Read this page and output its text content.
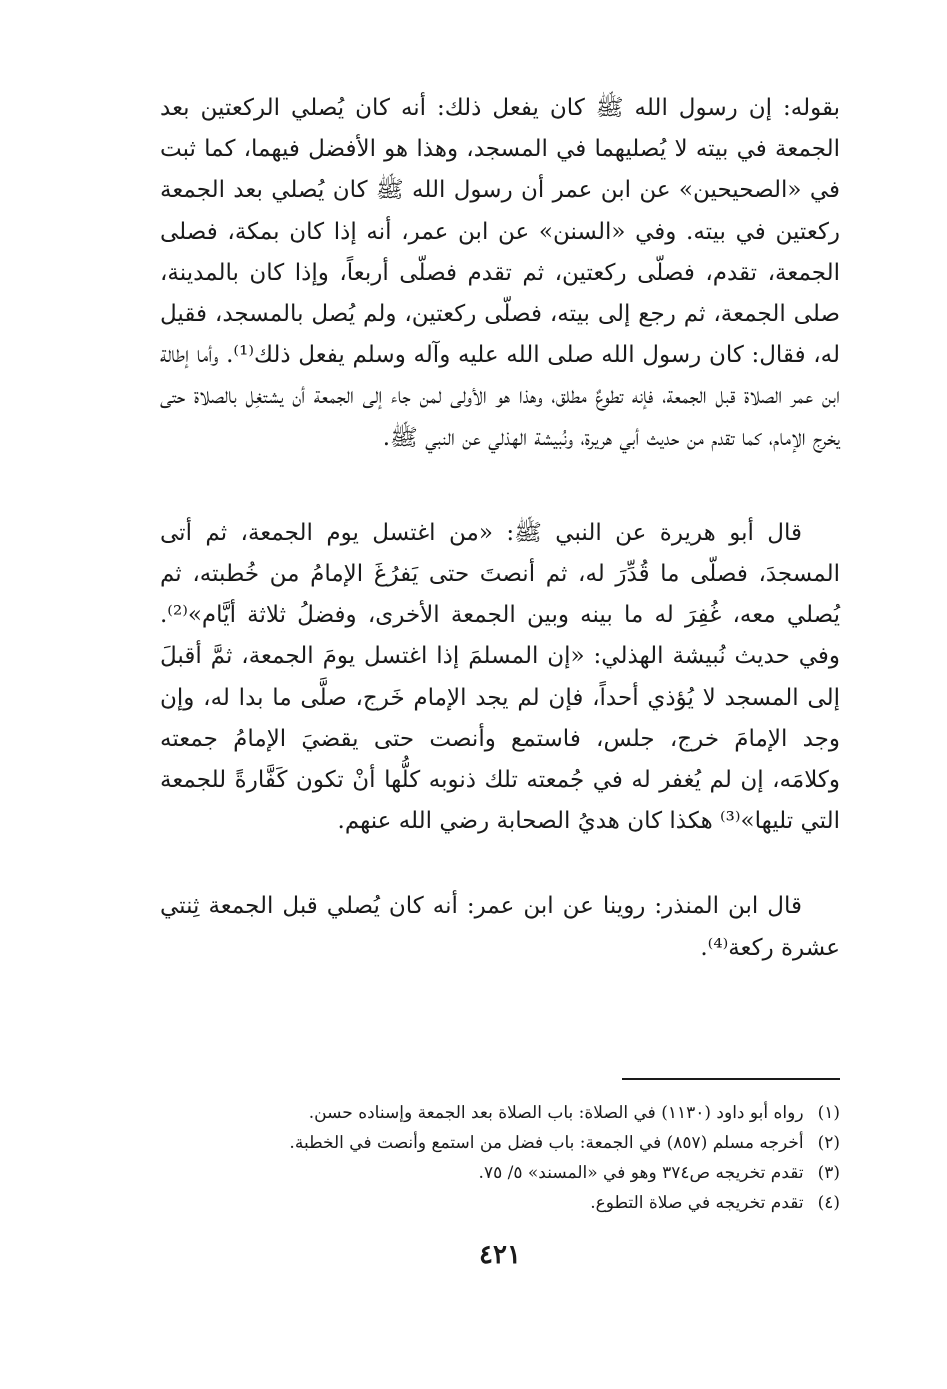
بقوله: إن رسول الله ﷺ كان يفعل ذلك: أنه كان يُصلي الركعتين بعد الجمعة في بيته لا يُصليهما في المسجد، وهذا هو الأفضل فيهما، كما ثبت في «الصحيحين» عن ابن عمر أن رسول الله ﷺ كان يُصلي بعد الجمعة ركعتين في بيته. وفي «السنن» عن ابن عمر، أنه إذا كان بمكة، فصلى الجمعة، تقدم، فصلّى ركعتين، ثم تقدم فصلّى أربعاً، وإذا كان بالمدينة، صلى الجمعة، ثم رجع إلى بيته، فصلّى ركعتين، ولم يُصل بالمسجد، فقيل له، فقال: كان رسول الله صلى الله عليه وآله وسلم يفعل ذلك⁽¹⁾. وأما إطالة ابن عمر الصلاة قبل الجمعة، فإنه تطوعٌ مطلق، وهذا هو الأولى لمن جاء إلى الجمعة أن يشتغِل بالصلاة حتى يخرج الإمام، كما تقدم من حديث أبي هريرة، ونُبيشة الهذلي عن النبي ﷺ.

قال أبو هريرة عن النبي ﷺ: «من اغتسل يوم الجمعة، ثم أتى المسجدَ، فصلّى ما قُدِّرَ له، ثم أنصتَ حتى يَفرُغَ الإمامُ من خُطبته، ثم يُصلي معه، غُفِرَ له ما بينه وبين الجمعة الأخرى، وفضلُ ثلاثة أيَّام»⁽²⁾. وفي حديث نُبيشة الهذلي: «إن المسلمَ إذا اغتسل يومَ الجمعة، ثمَّ أقبلَ إلى المسجد لا يُؤذي أحداً، فإن لم يجد الإمام خَرج، صلَّى ما بدا له، وإن وجد الإمامَ خرج، جلس، فاستمع وأنصت حتى يقضيَ الإمامُ جمعته وكلامَه، إن لم يُغفر له في جُمعته تلك ذنوبه كلُّها أنْ تكون كَفَّارةً للجمعة التي تليها»⁽³⁾ هكذا كان هديُ الصحابة رضي الله عنهم.

قال ابن المنذر: روينا عن ابن عمر: أنه كان يُصلي قبل الجمعة ثِنتي عشرة ركعة⁽⁴⁾.

(١)
رواه أبو داود (١١٣٠) في الصلاة: باب الصلاة بعد الجمعة وإسناده حسن.
(٢)
أخرجه مسلم (٨٥٧) في الجمعة: باب فضل من استمع وأنصت في الخطبة.
(٣)
تقدم تخريجه ص٣٧٤ وهو في «المسند» ٥/ ٧٥.
(٤)
تقدم تخريجه في صلاة التطوع.
٤٢١
